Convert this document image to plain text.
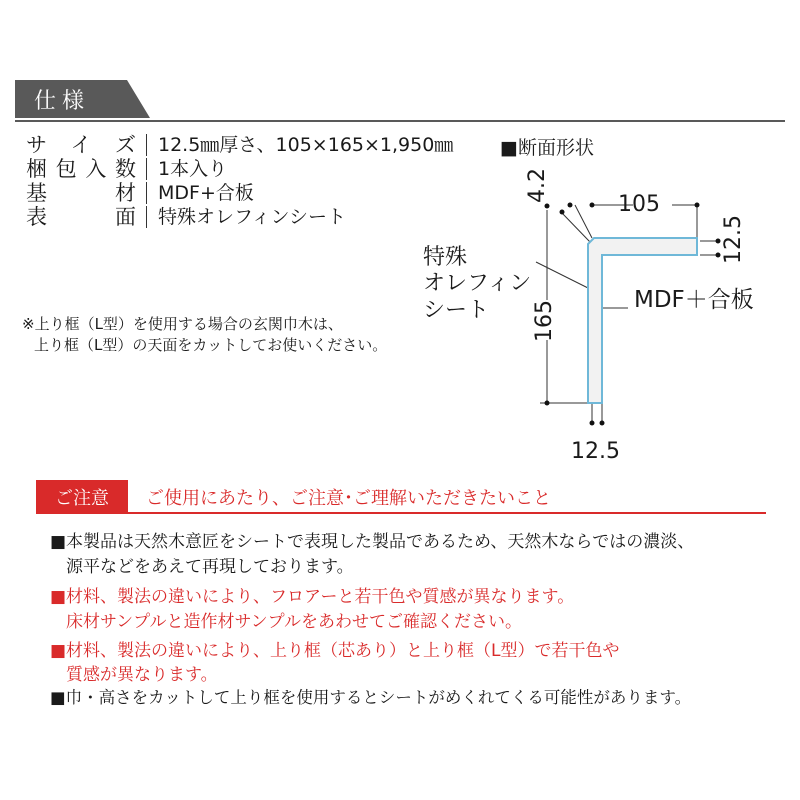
仕様
サ イ ズ 12.5㎜厚さ、105×165×1,950㎜
梱 包 入 数 1本入り
基	材 MDF+合板
表	面 特殊オレフィンシート
※上り框（L型）を使用する場合の玄関巾木は、
上り框（L型）の天面をカットしてお使いください。
■断面形状
105
4.2
12.5
165
12.5
特殊
オレフィン
シート	MDF＋合板
ご注意	ご使用にあたり、ご注意･ご理解いただきたいこと
■本製品は天然木意匠をシートで表現した製品であるため、天然木ならではの濃淡、
源平などをあえて再現しております。
■材料、製法の違いにより、フロアーと若干色や質感が異なります。
床材サンプルと造作材サンプルをあわせてご確認ください。
■材料、製法の違いにより、上り框（芯あり）と上り框（L型）で若干色や
質感が異なります。
■巾・高さをカットして上り框を使用するとシートがめくれてくる可能性があります。
